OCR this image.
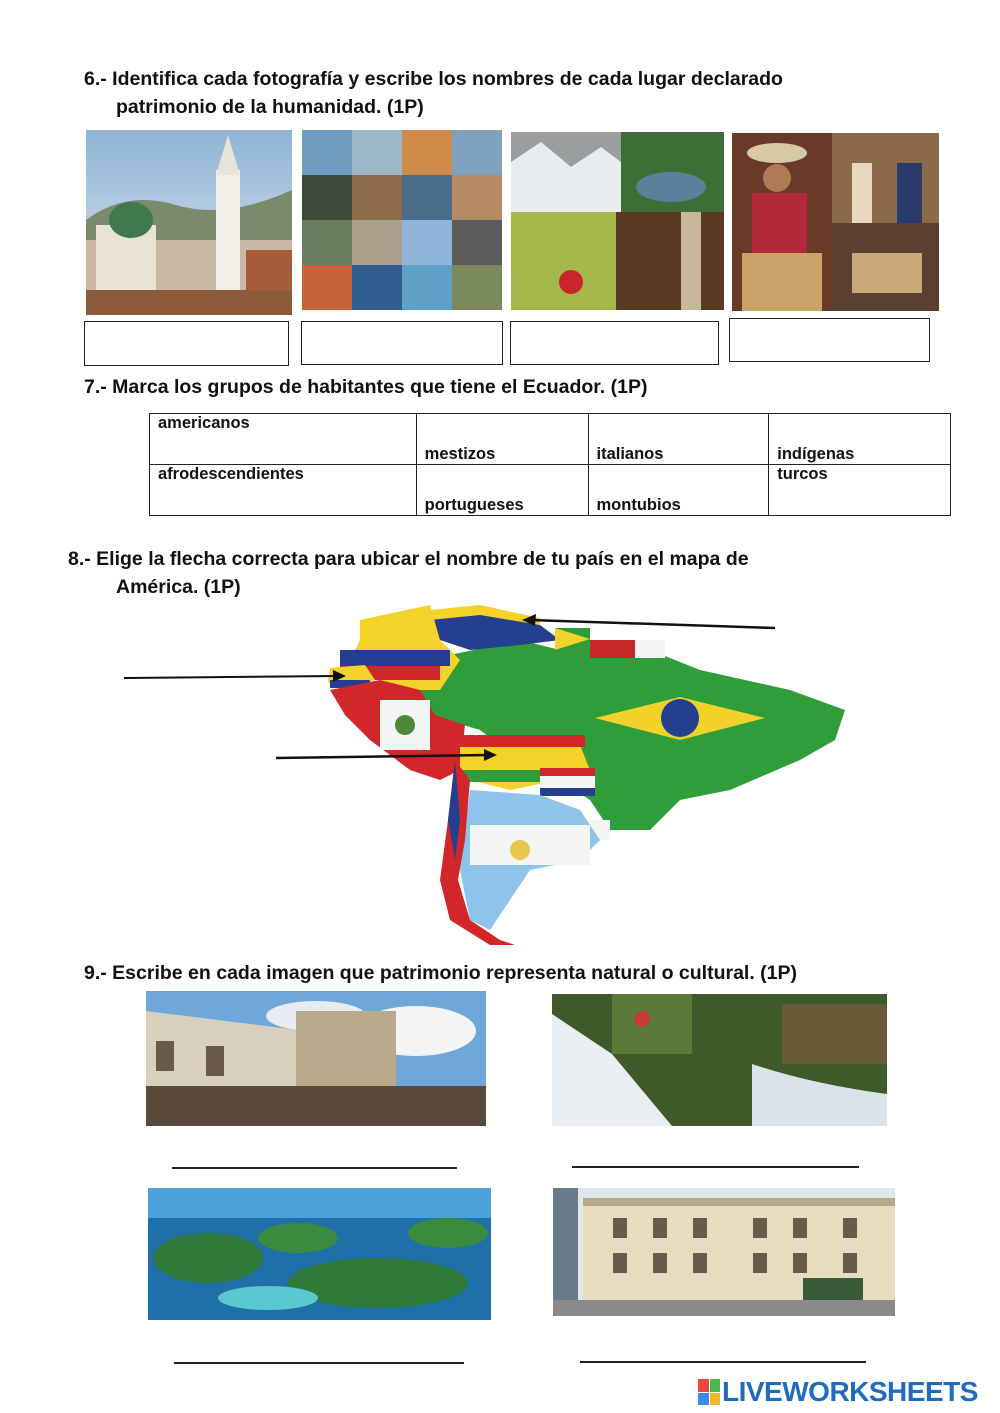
6.- Identifica cada fotografía y escribe los nombres de cada lugar declarado
patrimonio de la humanidad. (1P)
7.- Marca los grupos de habitantes que tiene el Ecuador. (1P)
americanos	mestizos	italianos	indígenas
afrodescendientes	portugueses	montubios	turcos
8.- Elige la flecha correcta para ubicar el nombre de tu país en el mapa de
América. (1P)
9.- Escribe en cada imagen que patrimonio representa natural o cultural. (1P)
LIVEWORKSHEETS
